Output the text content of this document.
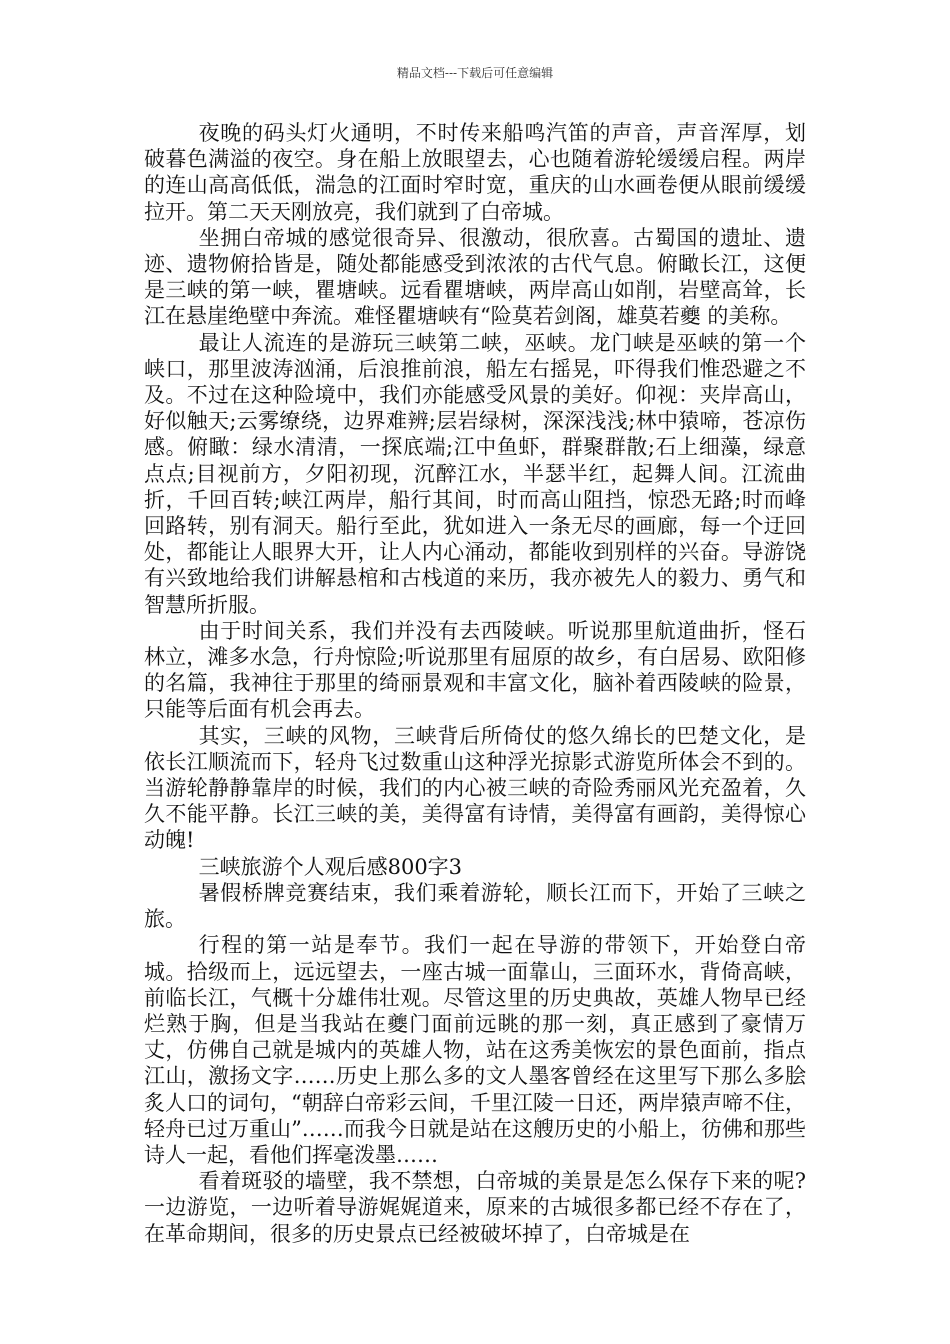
精品文档---下载后可任意编辑

夜晚的码头灯火通明，不时传来船鸣汽笛的声音，声音浑厚，划破暮色满溢的夜空。身在船上放眼望去，心也随着游轮缓缓启程。两岸的连山高高低低，湍急的江面时窄时宽，重庆的山水画卷便从眼前缓缓拉开。第二天天刚放亮，我们就到了白帝城。

坐拥白帝城的感觉很奇异、很激动，很欣喜。古蜀国的遗址、遗迹、遗物俯拾皆是，随处都能感受到浓浓的古代气息。俯瞰长江，这便是三峡的第一峡，瞿塘峡。远看瞿塘峡，两岸高山如削，岩壁高耸，长江在悬崖绝壁中奔流。难怪瞿塘峡有“险莫若剑阁，雄莫若夔 的美称。

最让人流连的是游玩三峡第二峡，巫峡。龙门峡是巫峡的第一个峡口，那里波涛汹涌，后浪推前浪，船左右摇晃，吓得我们惟恐避之不及。不过在这种险境中，我们亦能感受风景的美好。仰视：夹岸高山，好似触天;云雾缭绕，边界难辨;层岩绿树，深深浅浅;林中猿啼，苍凉伤感。俯瞰：绿水清清，一探底端;江中鱼虾，群聚群散;石上细藻，绿意点点;目视前方，夕阳初现，沉醉江水，半瑟半红，起舞人间。江流曲折，千回百转;峡江两岸，船行其间，时而高山阻挡，惊恐无路;时而峰回路转，别有洞天。船行至此，犹如进入一条无尽的画廊，每一个迂回处，都能让人眼界大开，让人内心涌动，都能收到别样的兴奋。导游饶有兴致地给我们讲解悬棺和古栈道的来历，我亦被先人的毅力、勇气和智慧所折服。

由于时间关系，我们并没有去西陵峡。听说那里航道曲折，怪石林立，滩多水急，行舟惊险;听说那里有屈原的故乡，有白居易、欧阳修的名篇，我神往于那里的绮丽景观和丰富文化，脑补着西陵峡的险景，只能等后面有机会再去。

其实，三峡的风物，三峡背后所倚仗的悠久绵长的巴楚文化，是依长江顺流而下，轻舟飞过数重山这种浮光掠影式游览所体会不到的。当游轮静静靠岸的时候，我们的内心被三峡的奇险秀丽风光充盈着，久久不能平静。长江三峡的美，美得富有诗情，美得富有画韵，美得惊心动魄!

三峡旅游个人观后感800字3

暑假桥牌竞赛结束，我们乘着游轮，顺长江而下，开始了三峡之旅。

行程的第一站是奉节。我们一起在导游的带领下，开始登白帝城。拾级而上，远远望去，一座古城一面靠山，三面环水，背倚高峡，前临长江，气概十分雄伟壮观。尽管这里的历史典故，英雄人物早已经烂熟于胸，但是当我站在夔门面前远眺的那一刻，真正感到了豪情万丈，仿佛自己就是城内的英雄人物，站在这秀美恢宏的景色面前，指点江山，激扬文字……历史上那么多的文人墨客曾经在这里写下那么多脍炙人口的词句，“朝辞白帝彩云间，千里江陵一日还，两岸猿声啼不住，轻舟已过万重山”……而我今日就是站在这艘历史的小船上，彷佛和那些诗人一起，看他们挥毫泼墨……

看着斑驳的墙壁，我不禁想，白帝城的美景是怎么保存下来的呢?一边游览，一边听着导游娓娓道来，原来的古城很多都已经不存在了，在革命期间，很多的历史景点已经被破坏掉了，白帝城是在
